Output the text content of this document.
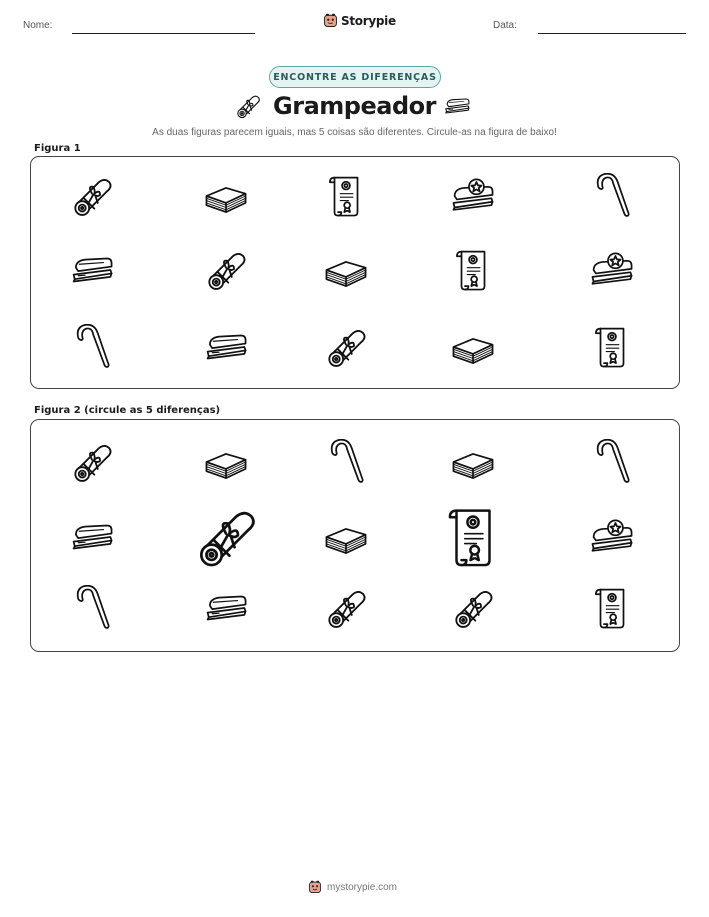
Nome:	Storypie	Data:
ENCONTRE AS DIFERENÇAS
Grampeador
As duas figuras parecem iguais, mas 5 coisas são diferentes. Circule-as na figura de baixo!
Figura 1
Figura 2 (circule as 5 diferenças)
mystorypie.com
